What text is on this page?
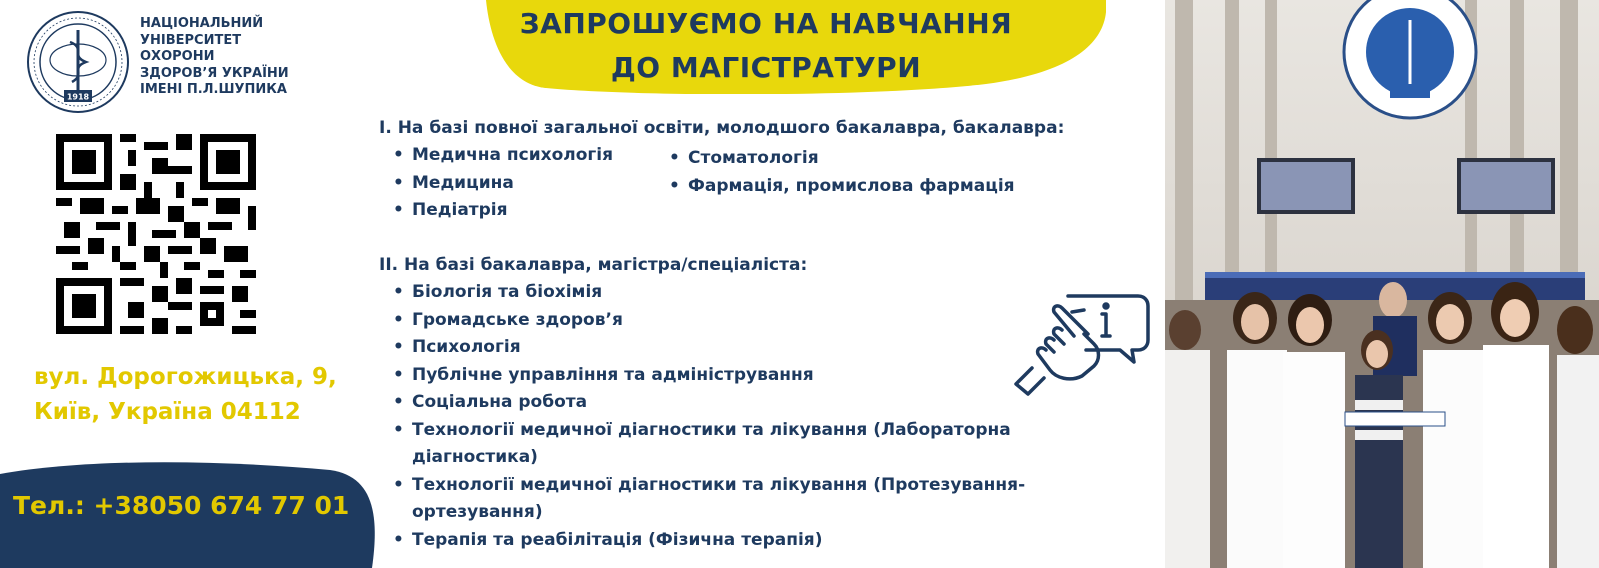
1918
НАЦІОНАЛЬНИЙ
УНІВЕРСИТЕТ
ОХОРОНИ
ЗДОРОВ’Я УКРАЇНИ
ІМЕНІ П.Л.ШУПИКА
вул. Дорогожицька, 9,
Київ, Україна 04112
Тел.: +38050 674 77 01
ЗАПРОШУЄМО НА НАВЧАННЯ
ДО МАГІСТРАТУРИ
І. На базі повної загальної освіти, молодшого бакалавра, бакалавра:
• Медична психологія
• Медицина
• Педіатрія
• Стоматологія
• Фармація, промислова фармація
ІІ. На базі бакалавра, магістра/спеціаліста:
• Біологія та біохімія
• Громадське здоров’я
• Психологія
• Публічне управління та адміністрування
• Соціальна робота
• Технології медичної діагностики та лікування (Лабораторна діагностика)
• Технології медичної діагностики та лікування (Протезування-ортезування)
• Терапія та реабілітація (Фізична терапія)
